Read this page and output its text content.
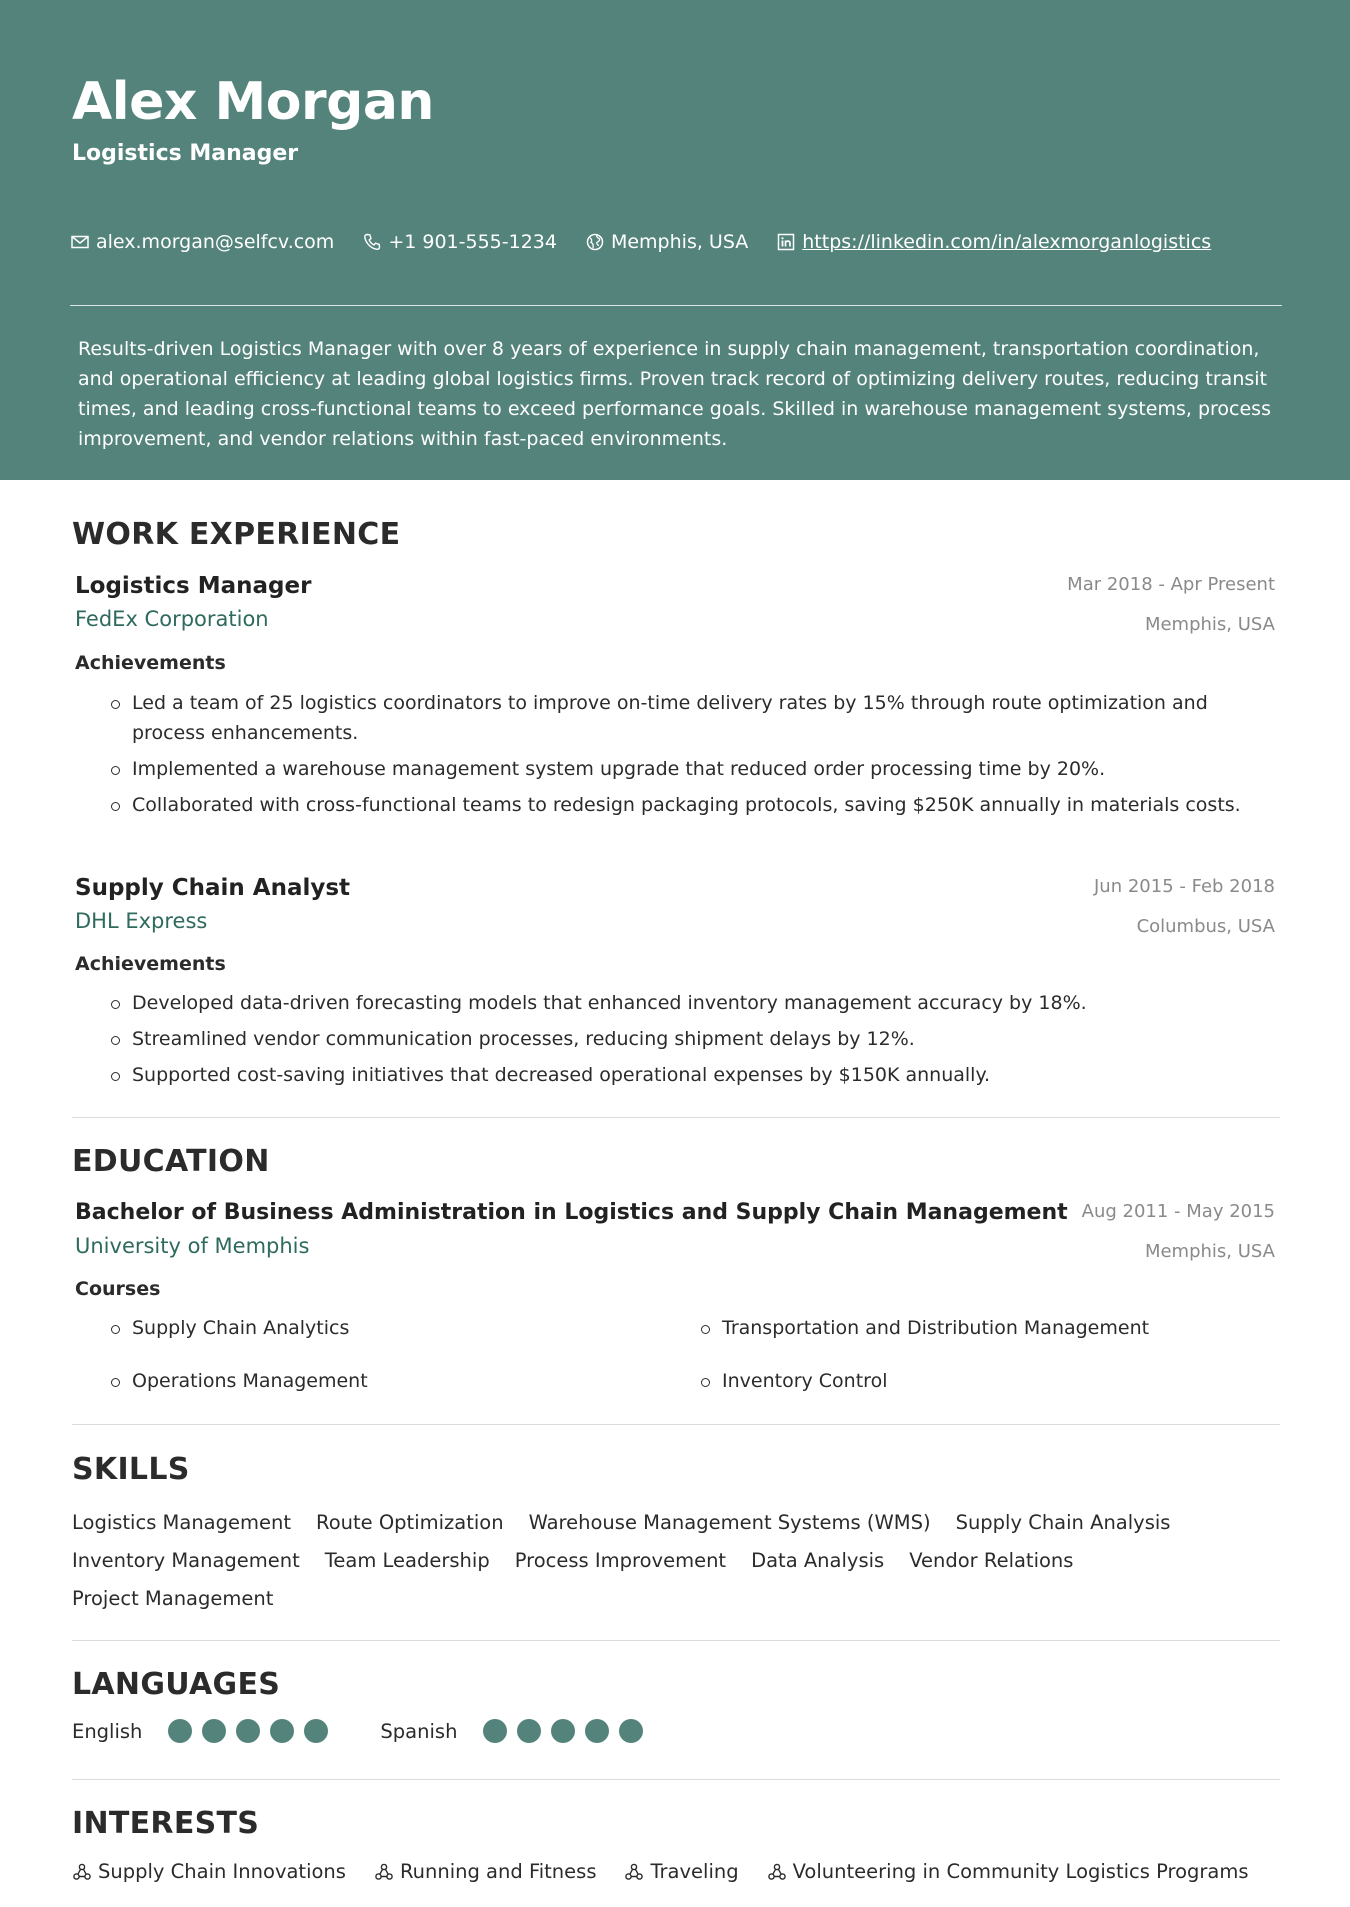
Alex Morgan
Logistics Manager
alex.morgan@selfcv.com	+1 901-555-1234	Memphis, USA	https://linkedin.com/in/alexmorganlogistics

Results-driven Logistics Manager with over 8 years of experience in supply chain management, transportation coordination, and operational efficiency at leading global logistics firms. Proven track record of optimizing delivery routes, reducing transit times, and leading cross-functional teams to exceed performance goals. Skilled in warehouse management systems, process improvement, and vendor relations within fast-paced environments.

WORK EXPERIENCE
Logistics Manager
FedEx Corporation
Mar 2018 - Apr Present
Memphis, USA
Achievements
Led a team of 25 logistics coordinators to improve on-time delivery rates by 15% through route optimization and process enhancements.
Implemented a warehouse management system upgrade that reduced order processing time by 20%.
Collaborated with cross-functional teams to redesign packaging protocols, saving $250K annually in materials costs.
Supply Chain Analyst
DHL Express
Jun 2015 - Feb 2018
Columbus, USA
Achievements
Developed data-driven forecasting models that enhanced inventory management accuracy by 18%.
Streamlined vendor communication processes, reducing shipment delays by 12%.
Supported cost-saving initiatives that decreased operational expenses by $150K annually.
EDUCATION
Bachelor of Business Administration in Logistics and Supply Chain Management
University of Memphis
Aug 2011 - May 2015
Memphis, USA
Courses
Supply Chain Analytics	Transportation and Distribution Management
Operations Management	Inventory Control
SKILLS
Logistics Management Route Optimization Warehouse Management Systems (WMS) Supply Chain Analysis
Inventory Management Team Leadership Process Improvement Data Analysis Vendor Relations
Project Management
LANGUAGES
English	Spanish
INTERESTS
Supply Chain Innovations	Running and Fitness	Traveling	Volunteering in Community Logistics Programs
